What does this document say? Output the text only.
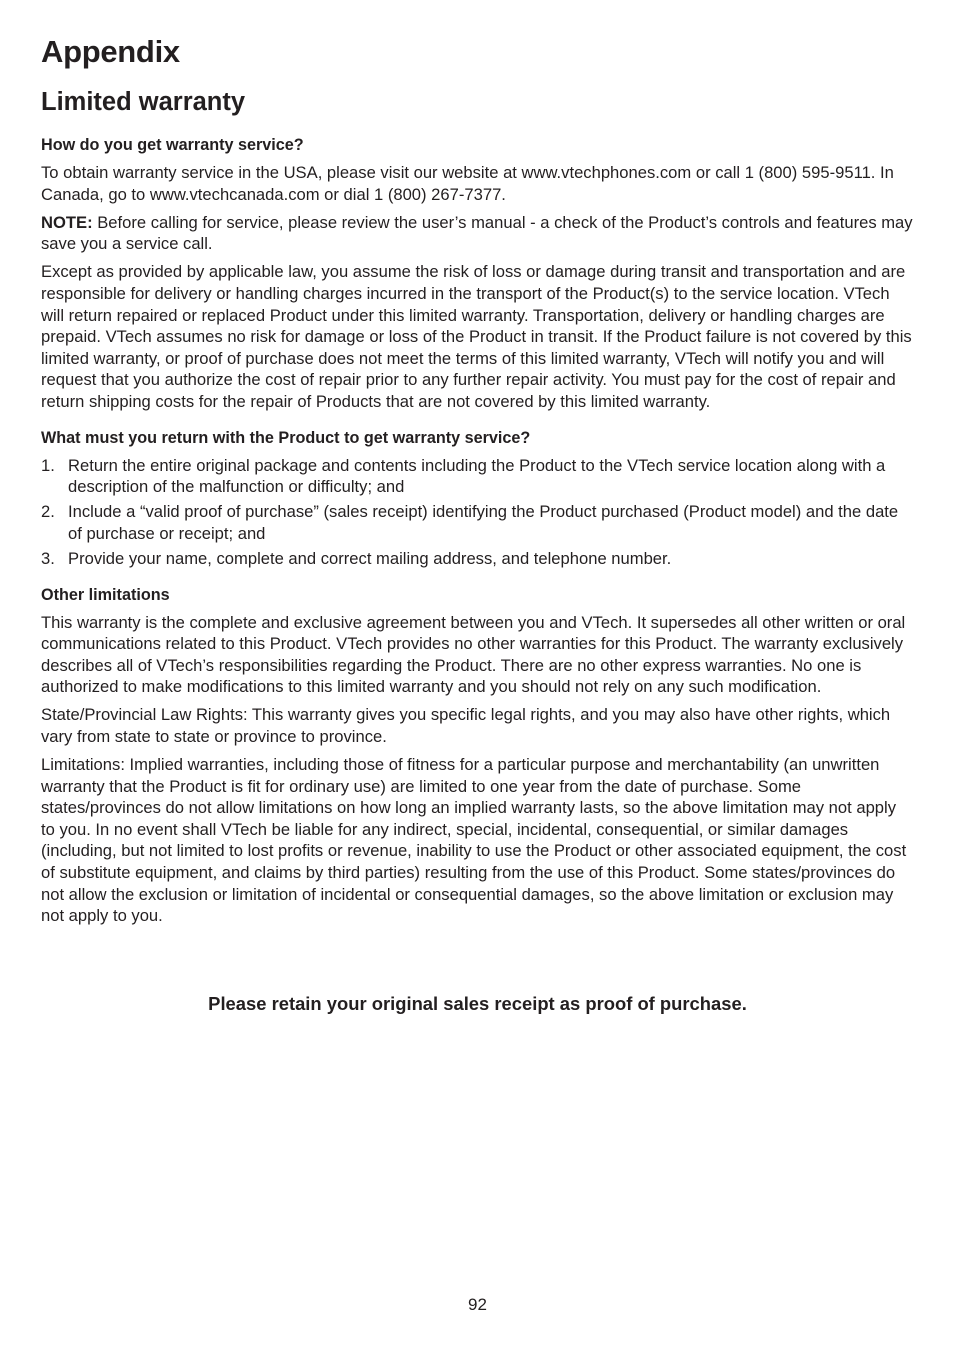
Appendix
Limited warranty
How do you get warranty service?

To obtain warranty service in the USA, please visit our website at www.vtechphones.com or call 1 (800) 595-9511. In Canada, go to www.vtechcanada.com or dial 1 (800) 267-7377.

NOTE: Before calling for service, please review the user’s manual - a check of the Product’s controls and features may save you a service call.

Except as provided by applicable law, you assume the risk of loss or damage during transit and transportation and are responsible for delivery or handling charges incurred in the transport of the Product(s) to the service location. VTech will return repaired or replaced Product under this limited warranty. Transportation, delivery or handling charges are prepaid. VTech assumes no risk for damage or loss of the Product in transit. If the Product failure is not covered by this limited warranty, or proof of purchase does not meet the terms of this limited warranty, VTech will notify you and will request that you authorize the cost of repair prior to any further repair activity. You must pay for the cost of repair and return shipping costs for the repair of Products that are not covered by this limited warranty.

What must you return with the Product to get warranty service?
1. Return the entire original package and contents including the Product to the VTech service location along with a description of the malfunction or difficulty; and
2. Include a “valid proof of purchase” (sales receipt) identifying the Product purchased (Product model) and the date of purchase or receipt; and
3. Provide your name, complete and correct mailing address, and telephone number.
Other limitations

This warranty is the complete and exclusive agreement between you and VTech. It supersedes all other written or oral communications related to this Product. VTech provides no other warranties for this Product. The warranty exclusively describes all of VTech’s responsibilities regarding the Product. There are no other express warranties. No one is authorized to make modifications to this limited warranty and you should not rely on any such modification.

State/Provincial Law Rights: This warranty gives you specific legal rights, and you may also have other rights, which vary from state to state or province to province.

Limitations: Implied warranties, including those of fitness for a particular purpose and merchantability (an unwritten warranty that the Product is fit for ordinary use) are limited to one year from the date of purchase. Some states/provinces do not allow limitations on how long an implied warranty lasts, so the above limitation may not apply to you. In no event shall VTech be liable for any indirect, special, incidental, consequential, or similar damages (including, but not limited to lost profits or revenue, inability to use the Product or other associated equipment, the cost of substitute equipment, and claims by third parties) resulting from the use of this Product. Some states/provinces do not allow the exclusion or limitation of incidental or consequential damages, so the above limitation or exclusion may not apply to you.

Please retain your original sales receipt as proof of purchase.
92
